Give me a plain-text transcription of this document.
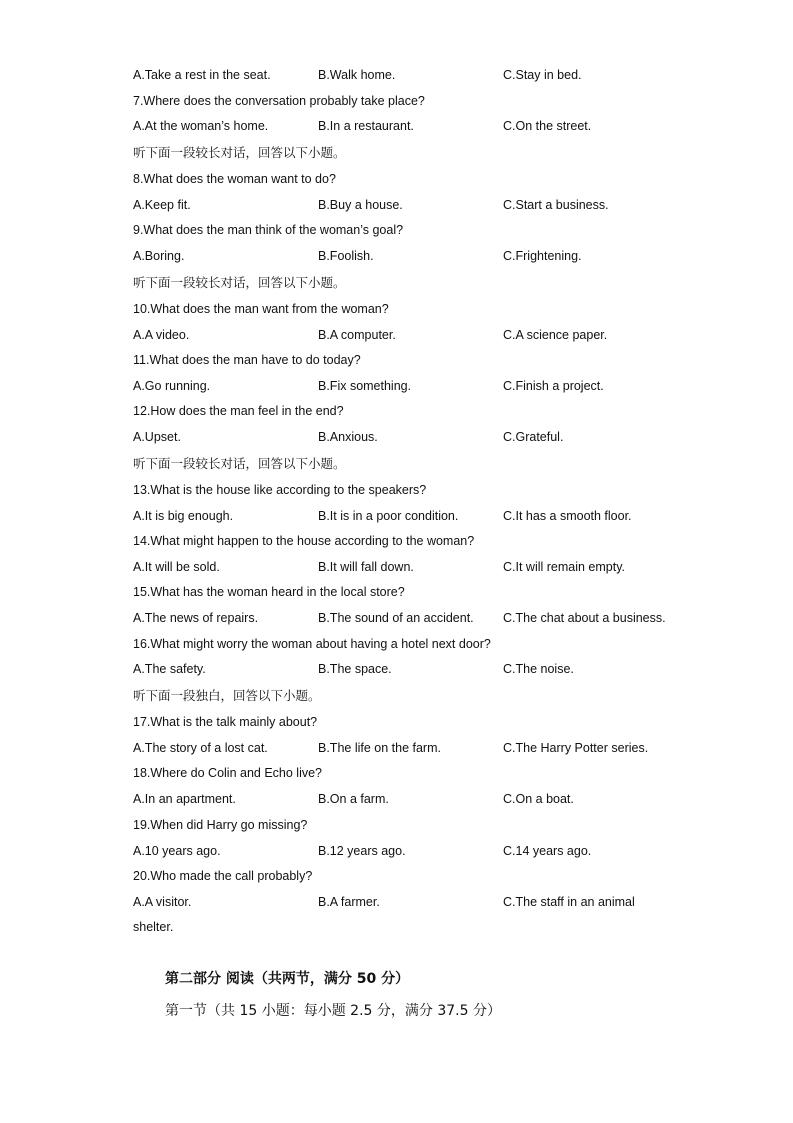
A.Take a rest in the seat.	B.Walk home.	C.Stay in bed.
7.Where does the conversation probably take place?
A.At the woman’s home.	B.In a restaurant.	C.On the street.
听下面一段较长对话，回答以下小题。
8.What does the woman want to do?
A.Keep fit.	B.Buy a house.	C.Start a business.
9.What does the man think of the woman’s goal?
A.Boring.	B.Foolish.	C.Frightening.
听下面一段较长对话，回答以下小题。
10.What does the man want from the woman?
A.A video.	B.A computer.	C.A science paper.
11.What does the man have to do today?
A.Go running.	B.Fix something.	C.Finish a project.
12.How does the man feel in the end?
A.Upset.	B.Anxious.	C.Grateful.
听下面一段较长对话，回答以下小题。
13.What is the house like according to the speakers?
A.It is big enough.	B.It is in a poor condition.	C.It has a smooth floor.
14.What might happen to the house according to the woman?
A.It will be sold.	B.It will fall down.	C.It will remain empty.
15.What has the woman heard in the local store?
A.The news of repairs.	B.The sound of an accident. C.The chat about a business.
16.What might worry the woman about having a hotel next door?
A.The safety.	B.The space.	C.The noise.
听下面一段独白，回答以下小题。
17.What is the talk mainly about?
A.The story of a lost cat.	B.The life on the farm.	C.The Harry Potter series.
18.Where do Colin and Echo live?
A.In an apartment.	B.On a farm.	C.On a boat.
19.When did Harry go missing?
A.10 years ago.	B.12 years ago.	C.14 years ago.
20.Who made the call probably?
A.A visitor.	B.A farmer.	C.The staff in an animal
shelter.
第二部分 阅读（共两节，满分 50 分）
第一节（共 15 小题：每小题 2.5 分，满分 37.5 分）
